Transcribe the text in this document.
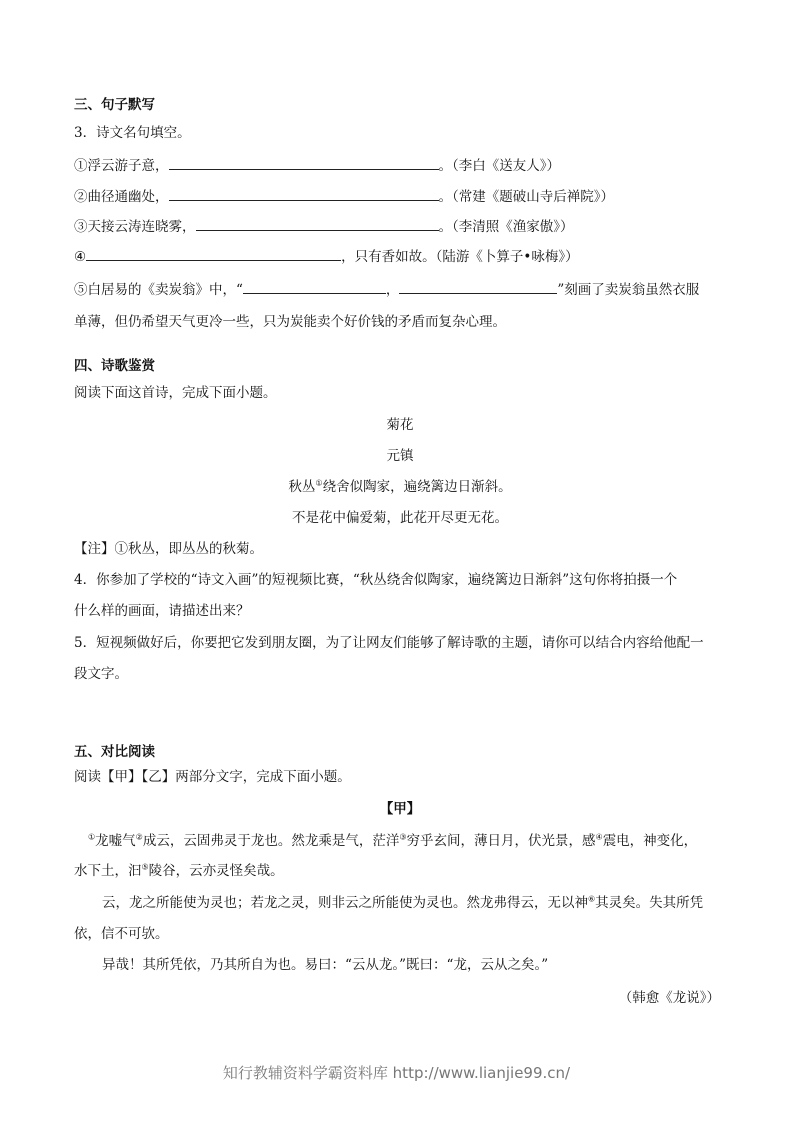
三、句子默写
3．诗文名句填空。
①浮云游子意，	。（李白《送友人》）
②曲径通幽处，	。（常建《题破山寺后禅院》）
③天接云涛连晓雾，	。（李清照《渔家傲》）
④	，只有香如故。（陆游《卜算子•咏梅》）
⑤白居易的《卖炭翁》中，“	，	”刻画了卖炭翁虽然衣服
单薄，但仍希望天气更冷一些，只为炭能卖个好价钱的矛盾而复杂心理。
四、诗歌鉴赏
阅读下面这首诗，完成下面小题。
菊花
元镇
秋丛①绕舍似陶家，遍绕篱边日渐斜。
不是花中偏爱菊，此花开尽更无花。
【注】①秋丛，即丛丛的秋菊。
4．你参加了学校的“诗文入画”的短视频比赛，“秋丛绕舍似陶家，遍绕篱边日渐斜”这句你将拍摄一个
什么样的画面，请描述出来？
5．短视频做好后，你要把它发到朋友圈，为了让网友们能够了解诗歌的主题，请你可以结合内容给他配一
段文字。
五、对比阅读
阅读【甲】【乙】两部分文字，完成下面小题。
【甲】
①龙嘘气②成云，云固弗灵于龙也。然龙乘是气，茫洋③穷乎玄间，薄日月，伏光景，感④震电，神变化，
水下土，汩⑤陵谷，云亦灵怪矣哉。
云，龙之所能使为灵也；若龙之灵，则非云之所能使为灵也。然龙弗得云，无以神⑥其灵矣。失其所凭
依，信不可欤。
异哉！其所凭依，乃其所自为也。易曰：“云从龙。”既曰：“龙，云从之矣。”
（韩愈《龙说》）
知行教辅资料学霸资料库 http://www.lianjie99.cn/
